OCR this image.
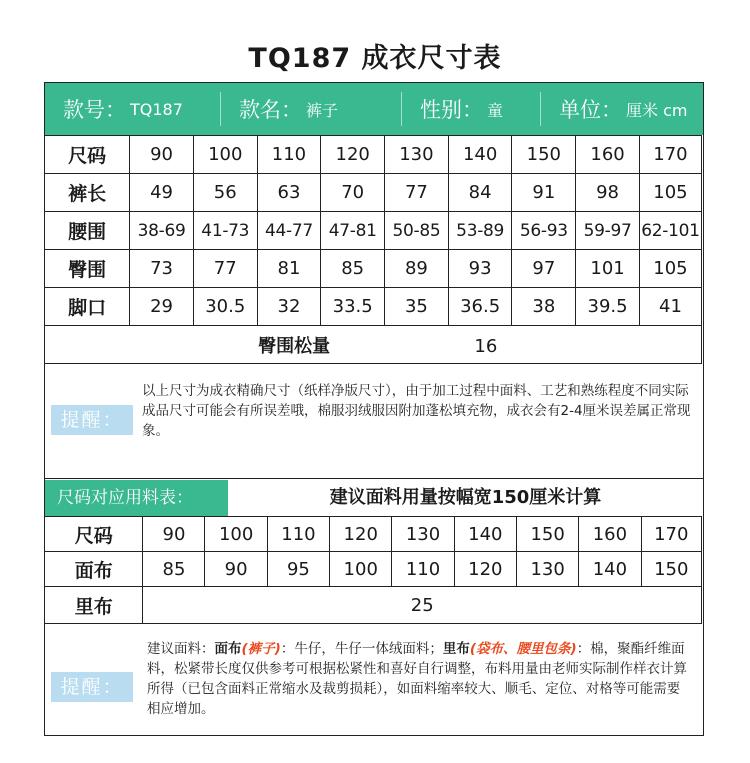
TQ187 成衣尺寸表
款号： TQ187	款名： 裤子	性别： 童	单位： 厘米 cm
尺码	90	100	110	120	130	140	150	160	170
裤长	49	56	63	70	77	84	91	98	105
腰围	38-69	41-73	44-77	47-81	50-85	53-89	56-93	59-97	62-101
臀围	73	77	81	85	89	93	97	101	105
脚口	29	30.5	32	33.5	35	36.5	38	39.5	41
臀围松量 16									
提醒：
以上尺寸为成衣精确尺寸（纸样净版尺寸），由于加工过程中面料、工艺和熟练程度不同实际成品尺寸可能会有所误差哦，棉服羽绒服因附加蓬松填充物，成衣会有2-4厘米误差属正常现象。
尺码对应用料表：	建议面料用量按幅宽150厘米计算
尺码	90	100	110	120	130	140	150	160	170
面布	85	90	95	100	110	120	130	140	150
里布	25								
提醒：
建议面料：面布(裤子)：牛仔，牛仔一体绒面料；里布(袋布、腰里包条)：棉，聚酯纤维面料，松紧带长度仅供参考可根据松紧性和喜好自行调整，布料用量由老师实际制作样衣计算所得（已包含面料正常缩水及裁剪损耗），如面料缩率较大、顺毛、定位、对格等可能需要相应增加。
